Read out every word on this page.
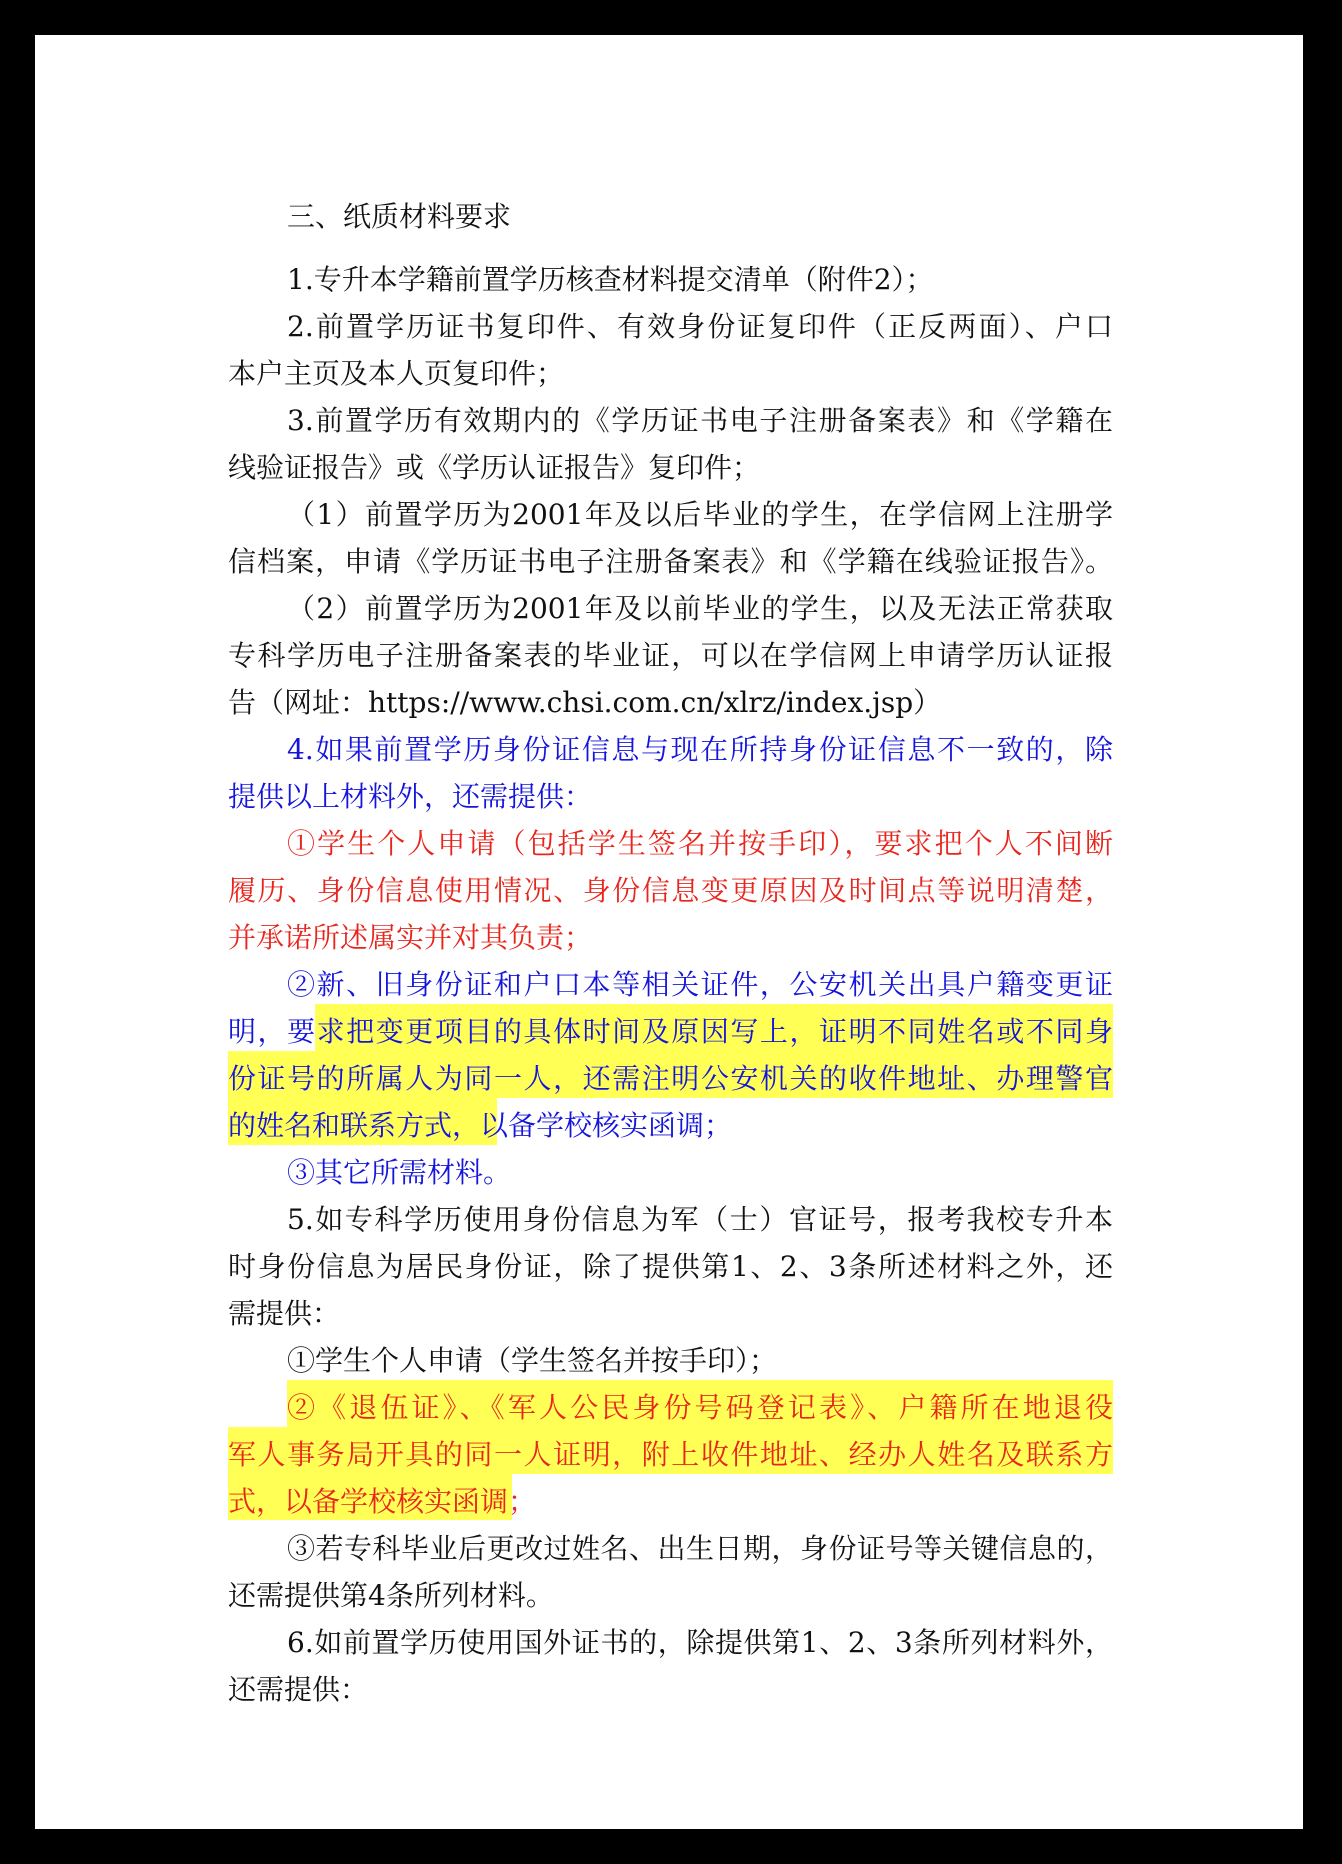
三、纸质材料要求
1.专升本学籍前置学历核查材料提交清单（附件2）；
2.前置学历证书复印件、有效身份证复印件（正反两面）、户口
本户主页及本人页复印件；
3.前置学历有效期内的《学历证书电子注册备案表》和《学籍在
线验证报告》或《学历认证报告》复印件；
（1）前置学历为2001年及以后毕业的学生，在学信网上注册学
信档案，申请《学历证书电子注册备案表》和《学籍在线验证报告》。
（2）前置学历为2001年及以前毕业的学生，以及无法正常获取
专科学历电子注册备案表的毕业证，可以在学信网上申请学历认证报
告（网址：https://www.chsi.com.cn/xlrz/index.jsp）
4.如果前置学历身份证信息与现在所持身份证信息不一致的，除
提供以上材料外，还需提供：
①学生个人申请（包括学生签名并按手印），要求把个人不间断
履历、身份信息使用情况、身份信息变更原因及时间点等说明清楚，
并承诺所述属实并对其负责；
②新、旧身份证和户口本等相关证件，公安机关出具户籍变更证
明，要求把变更项目的具体时间及原因写上，证明不同姓名或不同身
份证号的所属人为同一人，还需注明公安机关的收件地址、办理警官
的姓名和联系方式，以备学校核实函调；
③其它所需材料。
5.如专科学历使用身份信息为军（士）官证号，报考我校专升本
时身份信息为居民身份证，除了提供第1、2、3条所述材料之外，还
需提供：
①学生个人申请（学生签名并按手印）；
②《退伍证》、《军人公民身份号码登记表》、户籍所在地退役
军人事务局开具的同一人证明，附上收件地址、经办人姓名及联系方
式，以备学校核实函调；
③若专科毕业后更改过姓名、出生日期，身份证号等关键信息的，
还需提供第4条所列材料。
6.如前置学历使用国外证书的，除提供第1、2、3条所列材料外，
还需提供：
